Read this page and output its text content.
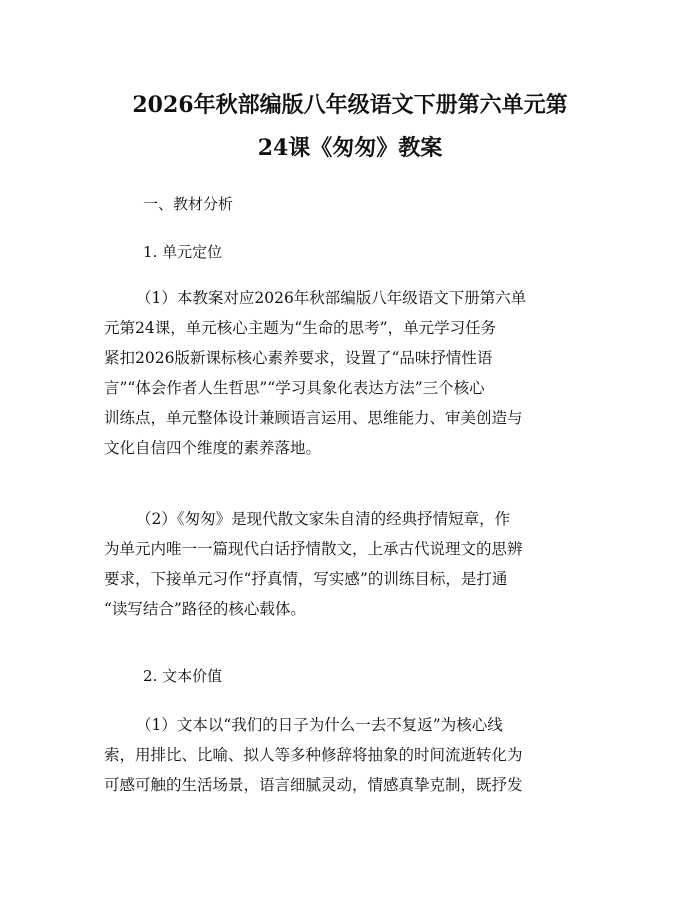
2026年秋部编版八年级语文下册第六单元第
24课《匆匆》教案
一、教材分析
1. 单元定位
（1）本教案对应2026年秋部编版八年级语文下册第六单
元第24课，单元核心主题为“生命的思考”，单元学习任务
紧扣2026版新课标核心素养要求，设置了“品味抒情性语
言”“体会作者人生哲思”“学习具象化表达方法”三个核心
训练点，单元整体设计兼顾语言运用、思维能力、审美创造与
文化自信四个维度的素养落地。
（2）《匆匆》是现代散文家朱自清的经典抒情短章，作
为单元内唯一一篇现代白话抒情散文，上承古代说理文的思辨
要求，下接单元习作“抒真情，写实感”的训练目标，是打通
“读写结合”路径的核心载体。
2. 文本价值
（1）文本以“我们的日子为什么一去不复返”为核心线
索，用排比、比喻、拟人等多种修辞将抽象的时间流逝转化为
可感可触的生活场景，语言细腻灵动，情感真挚克制，既抒发
